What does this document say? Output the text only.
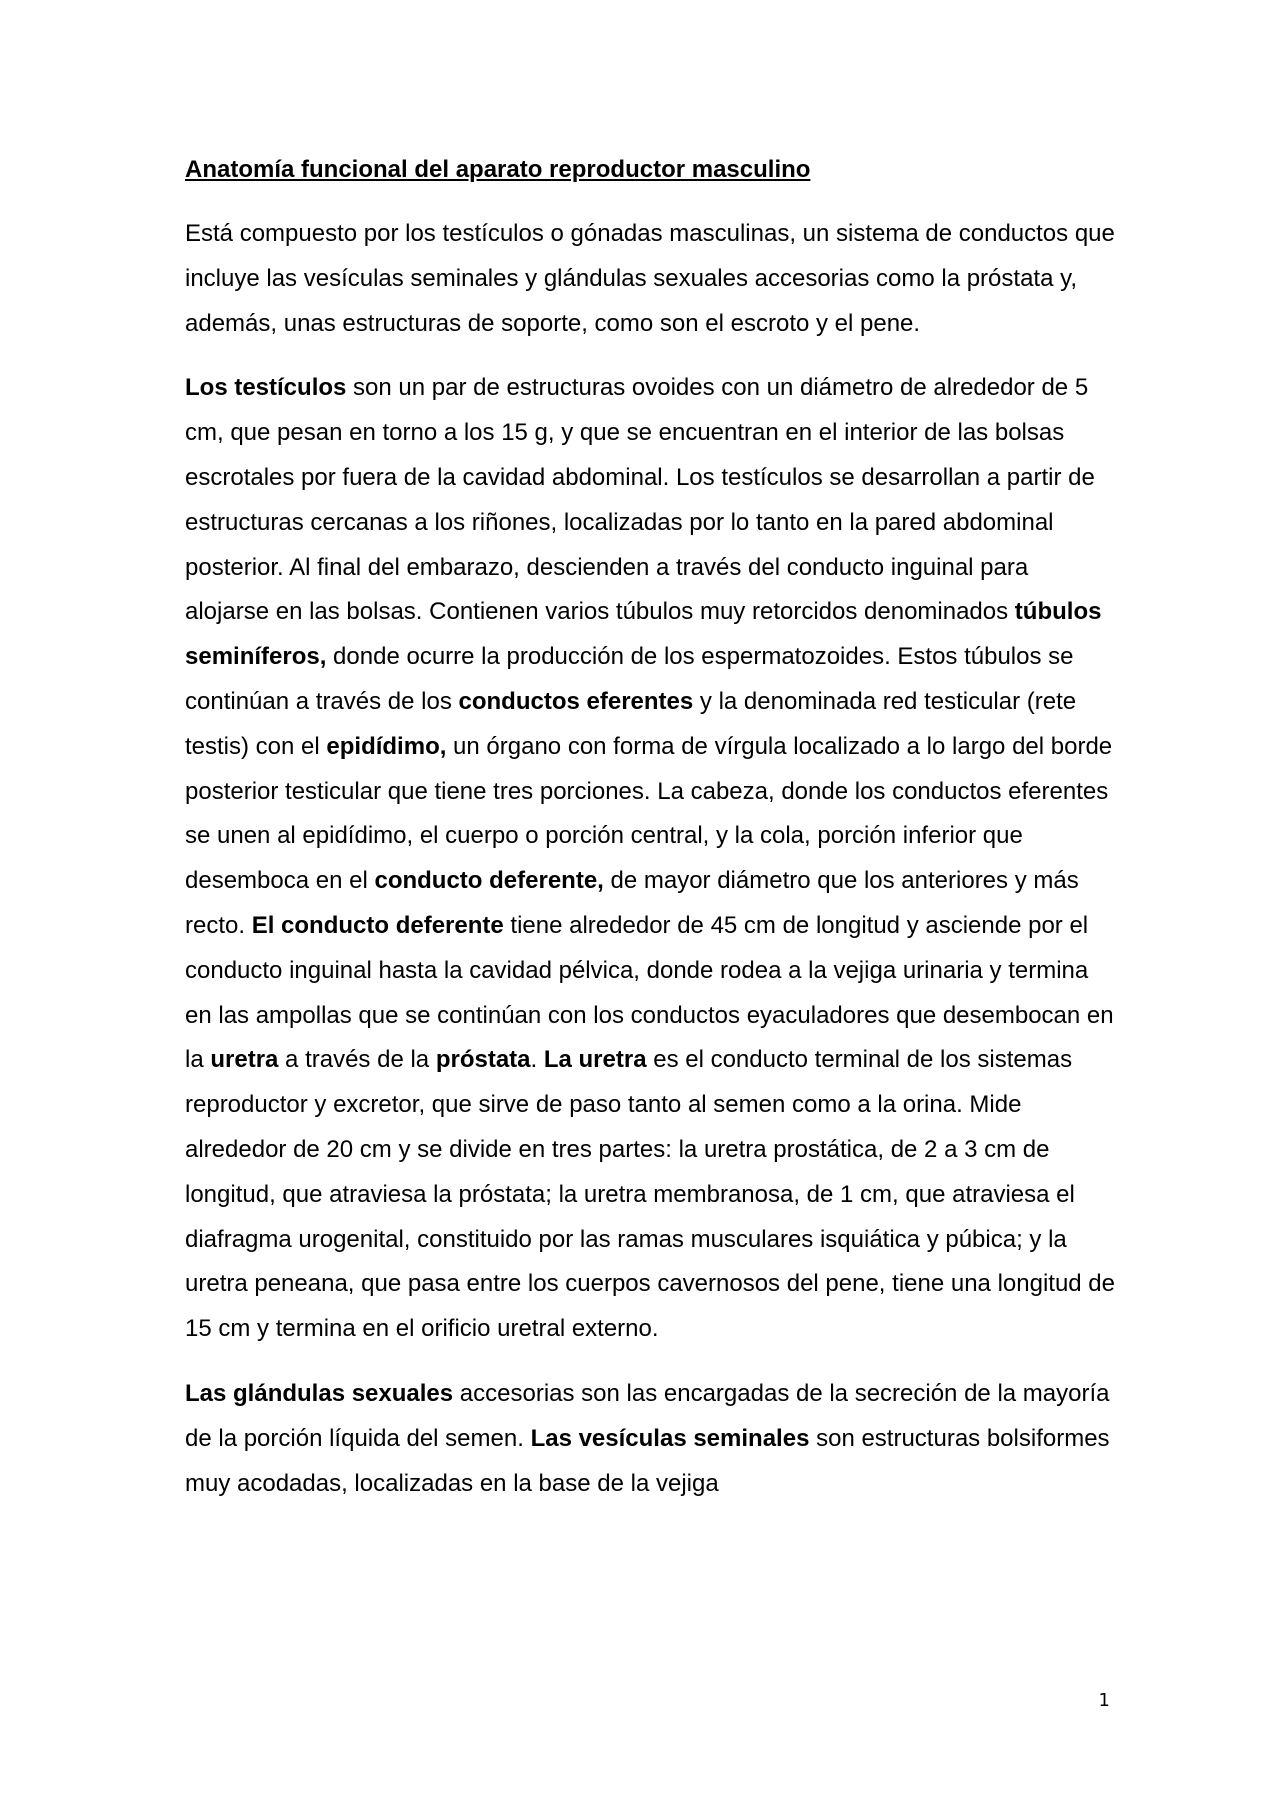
Anatomía funcional del aparato reproductor masculino

Está compuesto por los testículos o gónadas masculinas, un sistema de conductos que incluye las vesículas seminales y glándulas sexuales accesorias como la próstata y, además, unas estructuras de soporte, como son el escroto y el pene.

Los testículos son un par de estructuras ovoides con un diámetro de alrededor de 5 cm, que pesan en torno a los 15 g, y que se encuentran en el interior de las bolsas escrotales por fuera de la cavidad abdominal. Los testículos se desarrollan a partir de estructuras cercanas a los riñones, localizadas por lo tanto en la pared abdominal posterior. Al final del embarazo, descienden a través del conducto inguinal para alojarse en las bolsas. Contienen varios túbulos muy retorcidos denominados túbulos seminíferos, donde ocurre la producción de los espermatozoides. Estos túbulos se continúan a través de los conductos eferentes y la denominada red testicular (rete testis) con el epidídimo, un órgano con forma de vírgula localizado a lo largo del borde posterior testicular que tiene tres porciones. La cabeza, donde los conductos eferentes se unen al epidídimo, el cuerpo o porción central, y la cola, porción inferior que desemboca en el conducto deferente, de mayor diámetro que los anteriores y más recto. El conducto deferente tiene alrededor de 45 cm de longitud y asciende por el conducto inguinal hasta la cavidad pélvica, donde rodea a la vejiga urinaria y termina en las ampollas que se continúan con los conductos eyaculadores que desembocan en la uretra a través de la próstata. La uretra es el conducto terminal de los sistemas reproductor y excretor, que sirve de paso tanto al semen como a la orina. Mide alrededor de 20 cm y se divide en tres partes: la uretra prostática, de 2 a 3 cm de longitud, que atraviesa la próstata; la uretra membranosa, de 1 cm, que atraviesa el diafragma urogenital, constituido por las ramas musculares isquiática y púbica; y la uretra peneana, que pasa entre los cuerpos cavernosos del pene, tiene una longitud de 15 cm y termina en el orificio uretral externo.

Las glándulas sexuales accesorias son las encargadas de la secreción de la mayoría de la porción líquida del semen. Las vesículas seminales son estructuras bolsiformes muy acodadas, localizadas en la base de la vejiga

1
